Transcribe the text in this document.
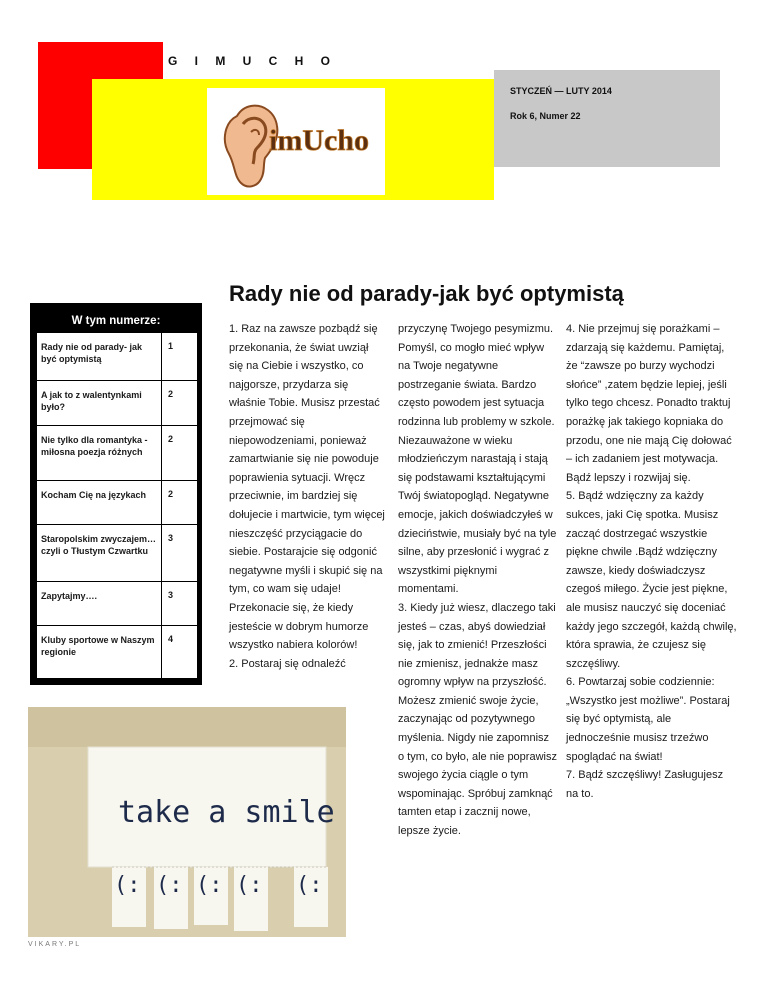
G I M U C H O
STYCZEŃ — LUTY 2014
Rok 6, Numer 22
imUcho
Rady nie od parady-jak być optymistą
W tym numerze:
Rady nie od parady- jak być optymistą	1
A jak to z walentynkami było?	2
Nie tylko dla romantyka - miłosna poezja różnych	2
Kocham Cię na językach	2
Staropolskim zwyczajem… czyli o Tłustym Czwartku	3
Zapytajmy….	3
Kluby sportowe w Naszym regionie	4

1. Raz na zawsze pozbądź się przekonania, że świat uwziął się na Ciebie i wszystko, co najgorsze, przydarza się właśnie Tobie. Musisz przestać przejmować się niepowodzeniami, ponieważ zamartwianie się nie powoduje poprawienia sytuacji. Wręcz przeciwnie, im bardziej się dołujecie i martwicie, tym więcej nieszczęść przyciągacie do siebie. Postarajcie się odgonić negatywne myśli i skupić się na tym, co wam się udaje! Przekonacie się, że kiedy jesteście w dobrym humorze wszystko nabiera kolorów!

2. Postaraj się odnaleźć

przyczynę Twojego pesymizmu. Pomyśl, co mogło mieć wpływ na Twoje negatywne postrzeganie świata. Bardzo często powodem jest sytuacja rodzinna lub problemy w szkole. Niezauważone w wieku młodzieńczym narastają i stają się podstawami kształtującymi Twój światopogląd. Negatywne emocje, jakich doświadczyłeś w dzieciństwie, musiały być na tyle silne, aby przesłonić i wygrać z wszystkimi pięknymi momentami.

3. Kiedy już wiesz, dlaczego taki jesteś – czas, abyś dowiedział się, jak to zmienić! Przeszłości nie zmienisz, jednakże masz ogromny wpływ na przyszłość. Możesz zmienić swoje życie, zaczynając od pozytywnego myślenia. Nigdy nie zapomnisz o tym, co było, ale nie poprawisz swojego życia ciągle o tym wspominając. Spróbuj zamknąć tamten etap i zacznij nowe, lepsze życie.

4. Nie przejmuj się porażkami – zdarzają się każdemu. Pamiętaj, że “zawsze po burzy wychodzi słońce” ,zatem będzie lepiej, jeśli tylko tego chcesz. Ponadto traktuj porażkę jak takiego kopniaka do przodu, one nie mają Cię dołować – ich zadaniem jest motywacja. Bądź lepszy i rozwijaj się.

5. Bądź wdzięczny za każdy sukces, jaki Cię spotka. Musisz zacząć dostrzegać wszystkie piękne chwile .Bądź wdzięczny zawsze, kiedy doświadczysz czegoś miłego. Życie jest piękne, ale musisz nauczyć się doceniać każdy jego szczegół, każdą chwilę, która sprawia, że czujesz się szczęśliwy.

6. Powtarzaj sobie codziennie: „Wszystko jest możliwe”. Postaraj się być optymistą, ale jednocześnie musisz trzeźwo spoglądać na świat!

7. Bądź szczęśliwy! Zasługujesz na to.

take a smile
(: (: (: (: (:
VIKARY.PL
